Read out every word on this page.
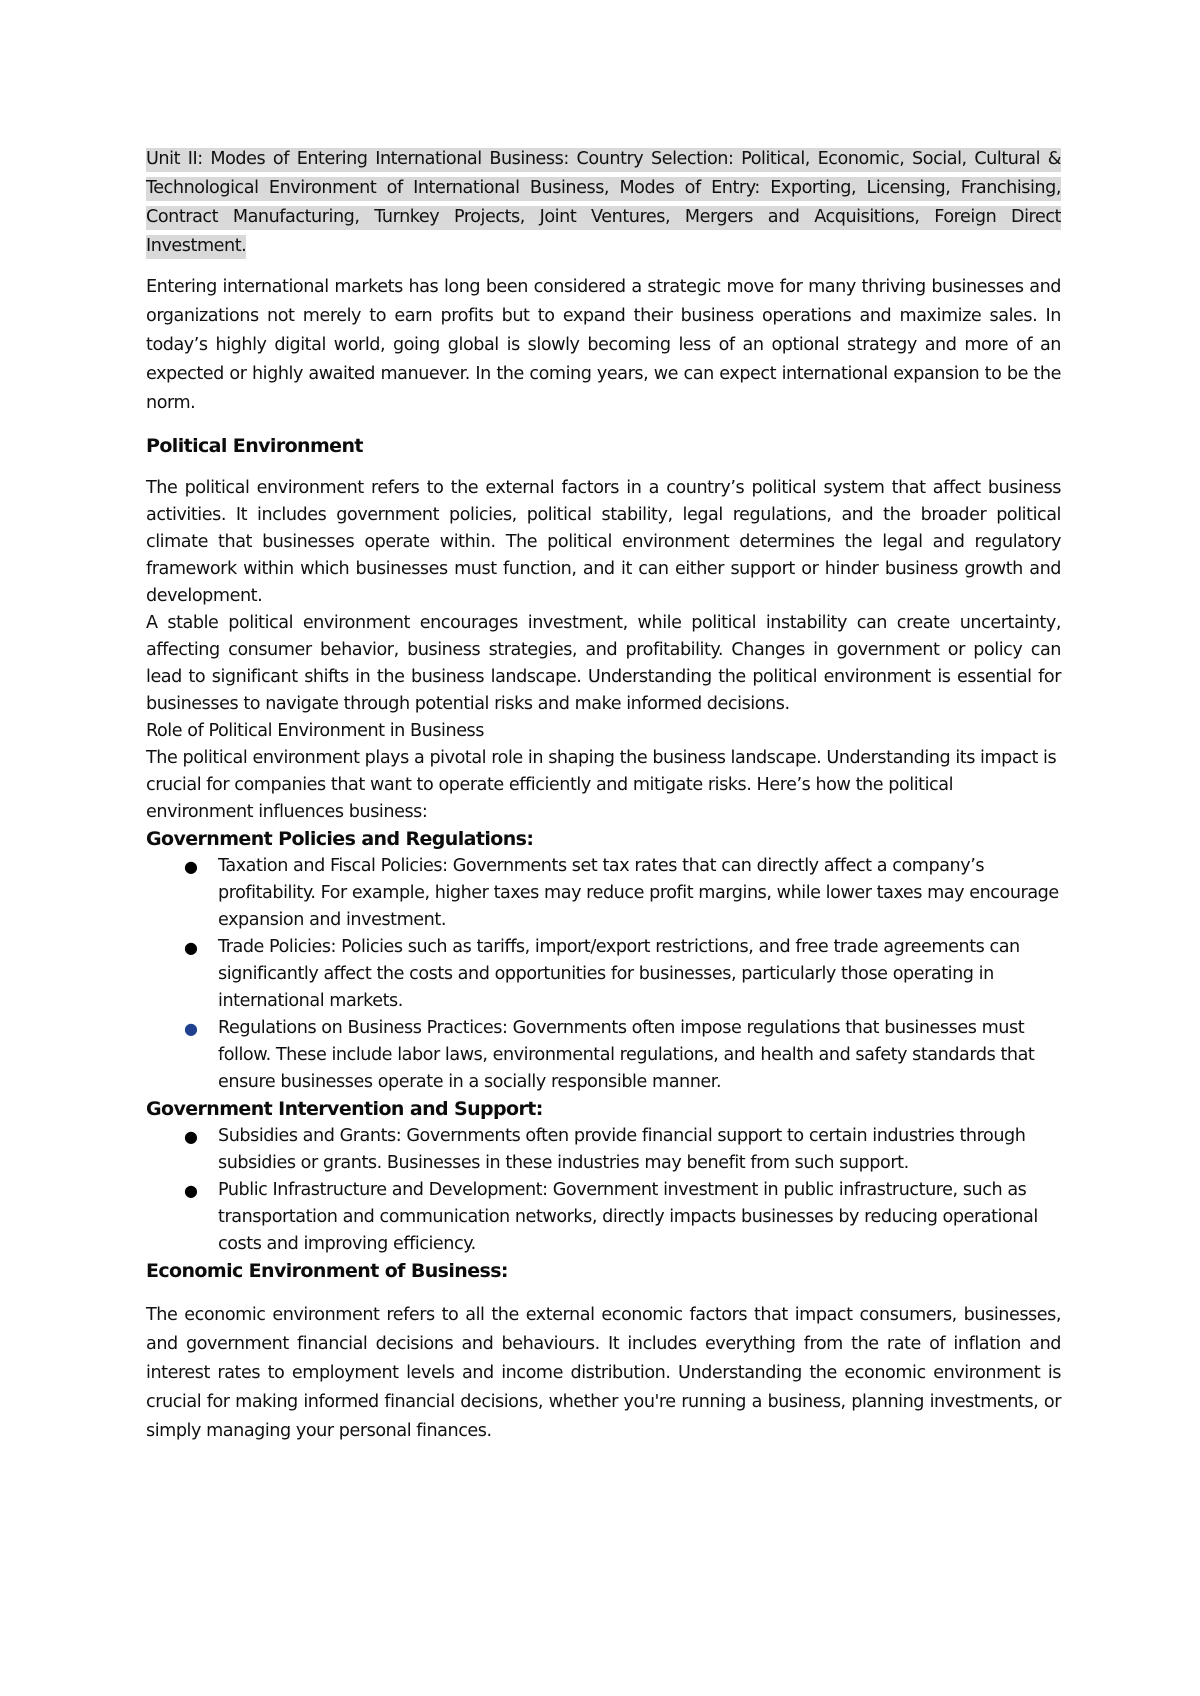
Unit II: Modes of Entering International Business: Country Selection: Political, Economic, Social, Cultural & Technological Environment of International Business, Modes of Entry: Exporting, Licensing, Franchising, Contract Manufacturing, Turnkey Projects, Joint Ventures, Mergers and Acquisitions, Foreign Direct Investment.

Entering international markets has long been considered a strategic move for many thriving businesses and organizations not merely to earn profits but to expand their business operations and maximize sales. In today’s highly digital world, going global is slowly becoming less of an optional strategy and more of an expected or highly awaited manuever. In the coming years, we can expect international expansion to be the norm.

Political Environment

The political environment refers to the external factors in a country’s political system that affect business activities. It includes government policies, political stability, legal regulations, and the broader political climate that businesses operate within. The political environment determines the legal and regulatory framework within which businesses must function, and it can either support or hinder business growth and development.

A stable political environment encourages investment, while political instability can create uncertainty, affecting consumer behavior, business strategies, and profitability. Changes in government or policy can lead to significant shifts in the business landscape. Understanding the political environment is essential for businesses to navigate through potential risks and make informed decisions.

Role of Political Environment in Business

The political environment plays a pivotal role in shaping the business landscape. Understanding its impact is crucial for companies that want to operate efficiently and mitigate risks. Here’s how the political environment influences business:

Government Policies and Regulations:

● Taxation and Fiscal Policies: Governments set tax rates that can directly affect a company’s profitability. For example, higher taxes may reduce profit margins, while lower taxes may encourage expansion and investment.
● Trade Policies: Policies such as tariffs, import/export restrictions, and free trade agreements can significantly affect the costs and opportunities for businesses, particularly those operating in international markets.
● Regulations on Business Practices: Governments often impose regulations that businesses must follow. These include labor laws, environmental regulations, and health and safety standards that ensure businesses operate in a socially responsible manner.

Government Intervention and Support:

● Subsidies and Grants: Governments often provide financial support to certain industries through subsidies or grants. Businesses in these industries may benefit from such support.
● Public Infrastructure and Development: Government investment in public infrastructure, such as transportation and communication networks, directly impacts businesses by reducing operational costs and improving efficiency.

Economic Environment of Business:

The economic environment refers to all the external economic factors that impact consumers, businesses, and government financial decisions and behaviours. It includes everything from the rate of inflation and interest rates to employment levels and income distribution. Understanding the economic environment is crucial for making informed financial decisions, whether you're running a business, planning investments, or simply managing your personal finances.
